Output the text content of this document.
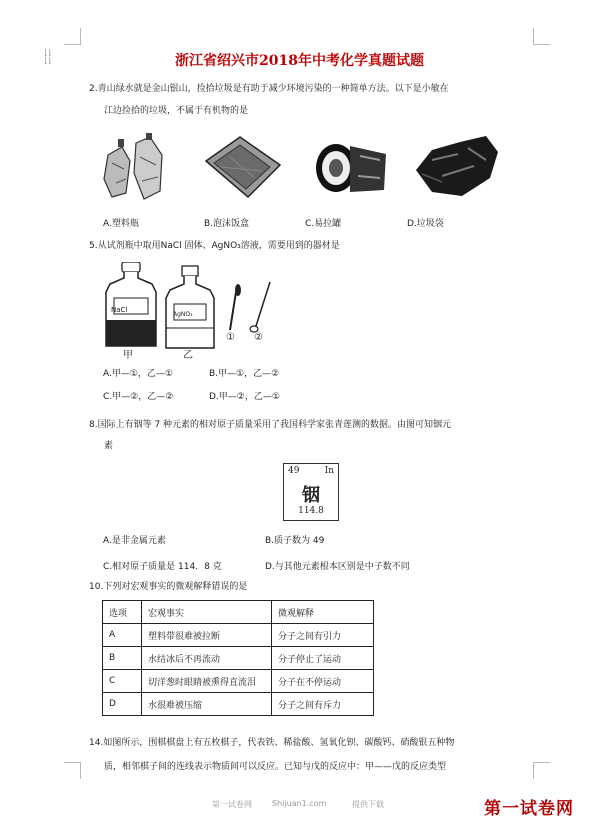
⁞⁞
⁞⁞	浙江省绍兴市2018年中考化学真题试题
2.青山绿水就是金山银山，捡拾垃圾是有助于减少环境污染的一种简单方法。以下是小敏在
江边捡拾的垃圾，不属于有机物的是
A.塑料瓶	B.泡沫饭盒	C.易拉罐	D.垃圾袋
5.从试剂瓶中取用NaCl 固体、AgNO₃溶液，需要用到的器材是
NaCl
AgNO₃
甲	乙
① ②
A.甲—①，乙—①	B.甲—①，乙—②
C.甲—②，乙—②	D.甲—②，乙—①
8.国际上有铟等 7 种元素的相对原子质量采用了我国科学家张青莲测的数据。由图可知铟元
素
49	In
铟
114.8
A.是非金属元素	B.质子数为 49
C.相对原子质量是 114．8 克	D.与其他元素根本区别是中子数不同
10.下列对宏观事实的微观解释错误的是
选项	宏观事实	微观解释
A	塑料带很难被拉断	分子之间有引力
B	水结冰后不再流动	分子停止了运动
C	切洋葱时眼睛被熏得直流泪	分子在不停运动
D	水很难被压缩	分子之间有斥力
14.如图所示，围棋棋盘上有五枚棋子，代表铁、稀盐酸、氢氧化钡、碳酸钙、硝酸银五种物
质，相邻棋子间的连线表示物质间可以反应。已知与戊的反应中：甲——戊的反应类型
第一试卷网	Shijuan1.com	提供下载	第一试卷网
